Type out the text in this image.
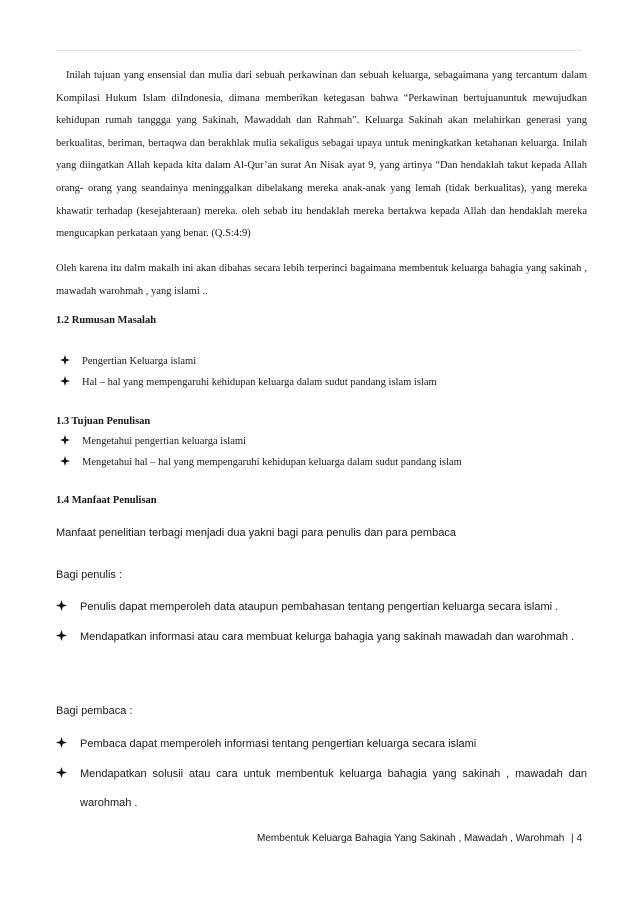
Inilah tujuan yang ensensial dan mulia dari sebuah perkawinan dan sebuah keluarga, sebagaimana yang tercantum dalam Kompilasi Hukum Islam diIndonesia, dimana memberikan ketegasan bahwa “Perkawinan bertujuanuntuk mewujudkan kehidupan rumah tanggga yang Sakinah, Mawaddah dan Rahmah”. Keluarga Sakinah akan melahirkan generasi yang berkualitas, beriman, bertaqwa dan berakhlak mulia sekaligus sebagai upaya untuk meningkatkan ketahanan keluarga. Inilah yang diingatkan Allah kepada kita dalam Al-Qur’an surat An Nisak ayat 9, yang artinya “Dan hendaklah takut kepada Allah orang- orang yang seandainya meninggalkan dibelakang mereka anak-anak yang lemah (tidak berkualitas), yang mereka khawatir terhadap (kesejahteraan) mereka. oleh sebab itu hendaklah mereka bertakwa kepada Allah dan hendaklah mereka mengucapkan perkataan yang benar. (Q.S:4:9)

Oleh karena itu dalm makalh ini akan dibahas secara lebih terperinci bagaimana membentuk keluarga bahagia yang sakinah , mawadah warohmah , yang islami ..

1.2 Rumusan Masalah

Pengertian Keluarga islami
Hal – hal yang mempengaruhi kehidupan keluarga dalam sudut pandang islam islam

1.3 Tujuan Penulisan

Mengetahui pengertian keluarga islami
Mengetahui hal – hal yang mempengaruhi kehidupan keluarga dalam sudut pandang islam

1.4 Manfaat Penulisan

Manfaat penelitian terbagi menjadi dua yakni bagi para penulis dan para pembaca

Bagi penulis :

Penulis dapat memperoleh data ataupun pembahasan tentang pengertian keluarga secara islami .
Mendapatkan informasi atau cara membuat kelurga bahagia yang sakinah mawadah dan warohmah .

Bagi pembaca :

Pembaca dapat memperoleh informasi tentang pengertian keluarga secara islami
Mendapatkan solusii atau cara untuk membentuk keluarga bahagia yang sakinah , mawadah dan warohmah .

Membentuk Keluarga Bahagia Yang Sakinah , Mawadah , Warohmah | 4
